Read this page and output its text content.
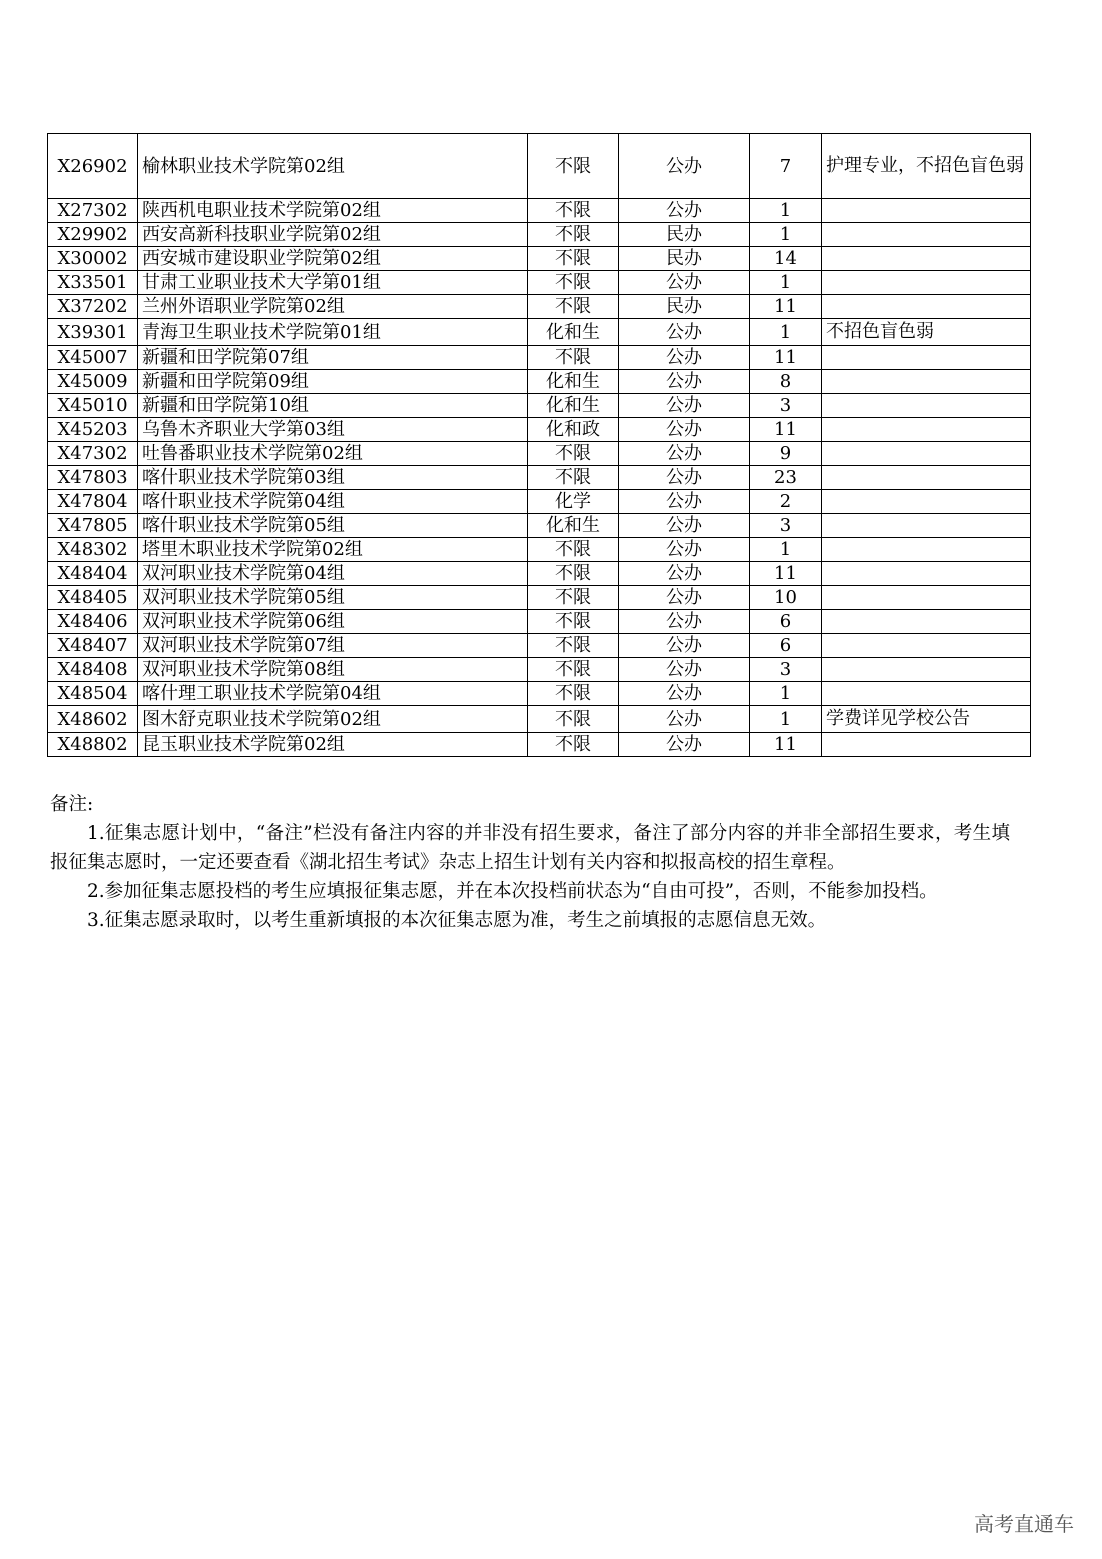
X26902	榆林职业技术学院第02组	不限	公办	7	护理专业，不招色盲色弱
X27302	陕西机电职业技术学院第02组	不限	公办	1	
X29902	西安高新科技职业学院第02组	不限	民办	1	
X30002	西安城市建设职业学院第02组	不限	民办	14	
X33501	甘肃工业职业技术大学第01组	不限	公办	1	
X37202	兰州外语职业学院第02组	不限	民办	11	
X39301	青海卫生职业技术学院第01组	化和生	公办	1	不招色盲色弱
X45007	新疆和田学院第07组	不限	公办	11	
X45009	新疆和田学院第09组	化和生	公办	8	
X45010	新疆和田学院第10组	化和生	公办	3	
X45203	乌鲁木齐职业大学第03组	化和政	公办	11	
X47302	吐鲁番职业技术学院第02组	不限	公办	9	
X47803	喀什职业技术学院第03组	不限	公办	23	
X47804	喀什职业技术学院第04组	化学	公办	2	
X47805	喀什职业技术学院第05组	化和生	公办	3	
X48302	塔里木职业技术学院第02组	不限	公办	1	
X48404	双河职业技术学院第04组	不限	公办	11	
X48405	双河职业技术学院第05组	不限	公办	10	
X48406	双河职业技术学院第06组	不限	公办	6	
X48407	双河职业技术学院第07组	不限	公办	6	
X48408	双河职业技术学院第08组	不限	公办	3	
X48504	喀什理工职业技术学院第04组	不限	公办	1	
X48602	图木舒克职业技术学院第02组	不限	公办	1	学费详见学校公告
X48802	昆玉职业技术学院第02组	不限	公办	11	

备注:

1.征集志愿计划中，“备注”栏没有备注内容的并非没有招生要求，备注了部分内容的并非全部招生要求，考生填报征集志愿时，一定还要查看《湖北招生考试》杂志上招生计划有关内容和拟报高校的招生章程。

2.参加征集志愿投档的考生应填报征集志愿，并在本次投档前状态为“自由可投”，否则，不能参加投档。

3.征集志愿录取时，以考生重新填报的本次征集志愿为准，考生之前填报的志愿信息无效。

高考直通车
